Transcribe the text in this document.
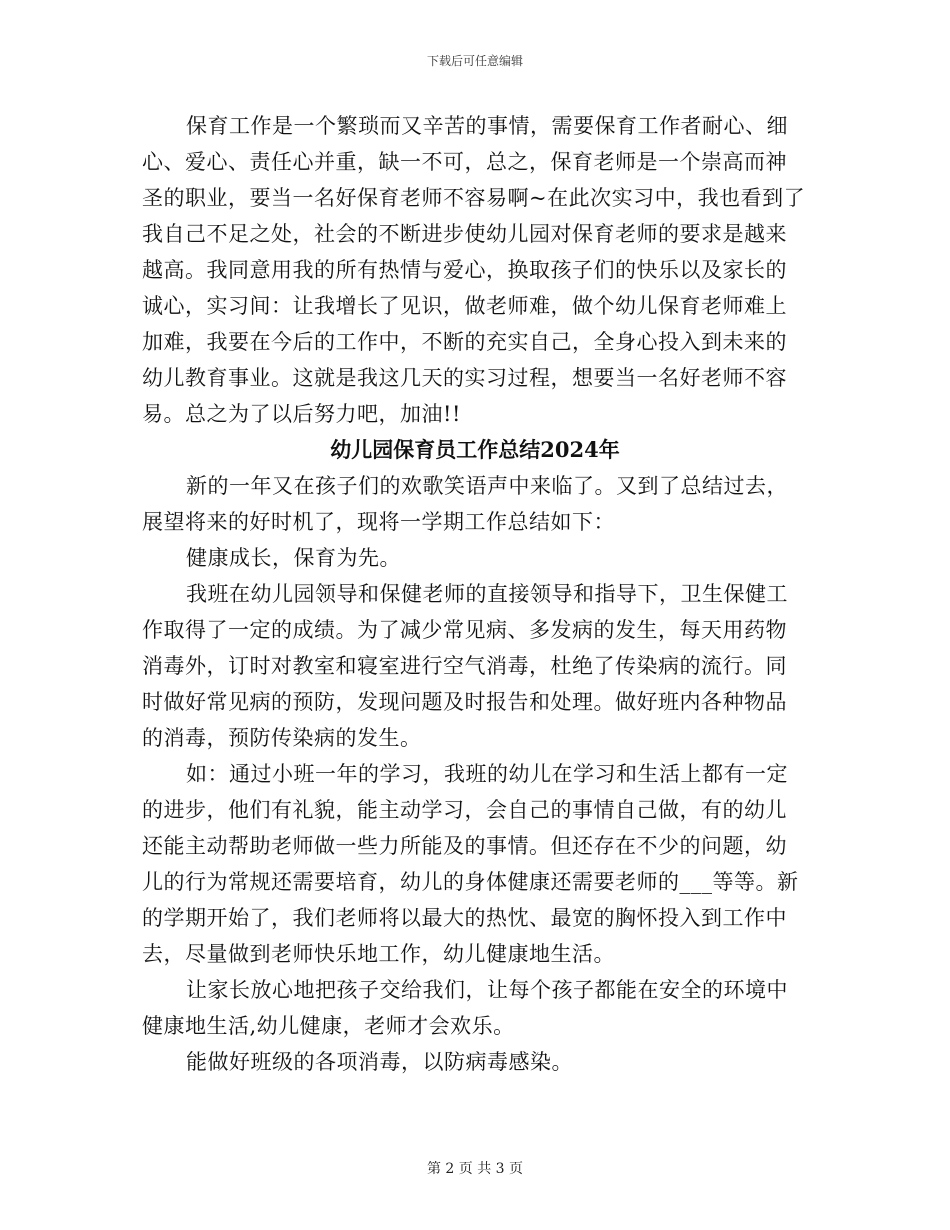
下载后可任意编辑
保育工作是一个繁琐而又辛苦的事情，需要保育工作者耐心、细
心、爱心、责任心并重，缺一不可，总之，保育老师是一个崇高而神
圣的职业，要当一名好保育老师不容易啊~在此次实习中，我也看到了
我自己不足之处，社会的不断进步使幼儿园对保育老师的要求是越来
越高。我同意用我的所有热情与爱心，换取孩子们的快乐以及家长的
诚心，实习间：让我增长了见识，做老师难，做个幼儿保育老师难上
加难，我要在今后的工作中，不断的充实自己，全身心投入到未来的
幼儿教育事业。这就是我这几天的实习过程，想要当一名好老师不容
易。总之为了以后努力吧，加油!!
幼儿园保育员工作总结2024年
新的一年又在孩子们的欢歌笑语声中来临了。又到了总结过去，
展望将来的好时机了，现将一学期工作总结如下：
健康成长，保育为先。
我班在幼儿园领导和保健老师的直接领导和指导下，卫生保健工
作取得了一定的成绩。为了减少常见病、多发病的发生，每天用药物
消毒外，订时对教室和寝室进行空气消毒，杜绝了传染病的流行。同
时做好常见病的预防，发现问题及时报告和处理。做好班内各种物品
的消毒，预防传染病的发生。
如：通过小班一年的学习，我班的幼儿在学习和生活上都有一定
的进步，他们有礼貌，能主动学习，会自己的事情自己做，有的幼儿
还能主动帮助老师做一些力所能及的事情。但还存在不少的问题，幼
儿的行为常规还需要培育，幼儿的身体健康还需要老师的___等等。新
的学期开始了，我们老师将以最大的热忱、最宽的胸怀投入到工作中
去，尽量做到老师快乐地工作，幼儿健康地生活。
让家长放心地把孩子交给我们，让每个孩子都能在安全的环境中
健康地生活,幼儿健康，老师才会欢乐。
能做好班级的各项消毒，以防病毒感染。
第 2 页 共 3 页
